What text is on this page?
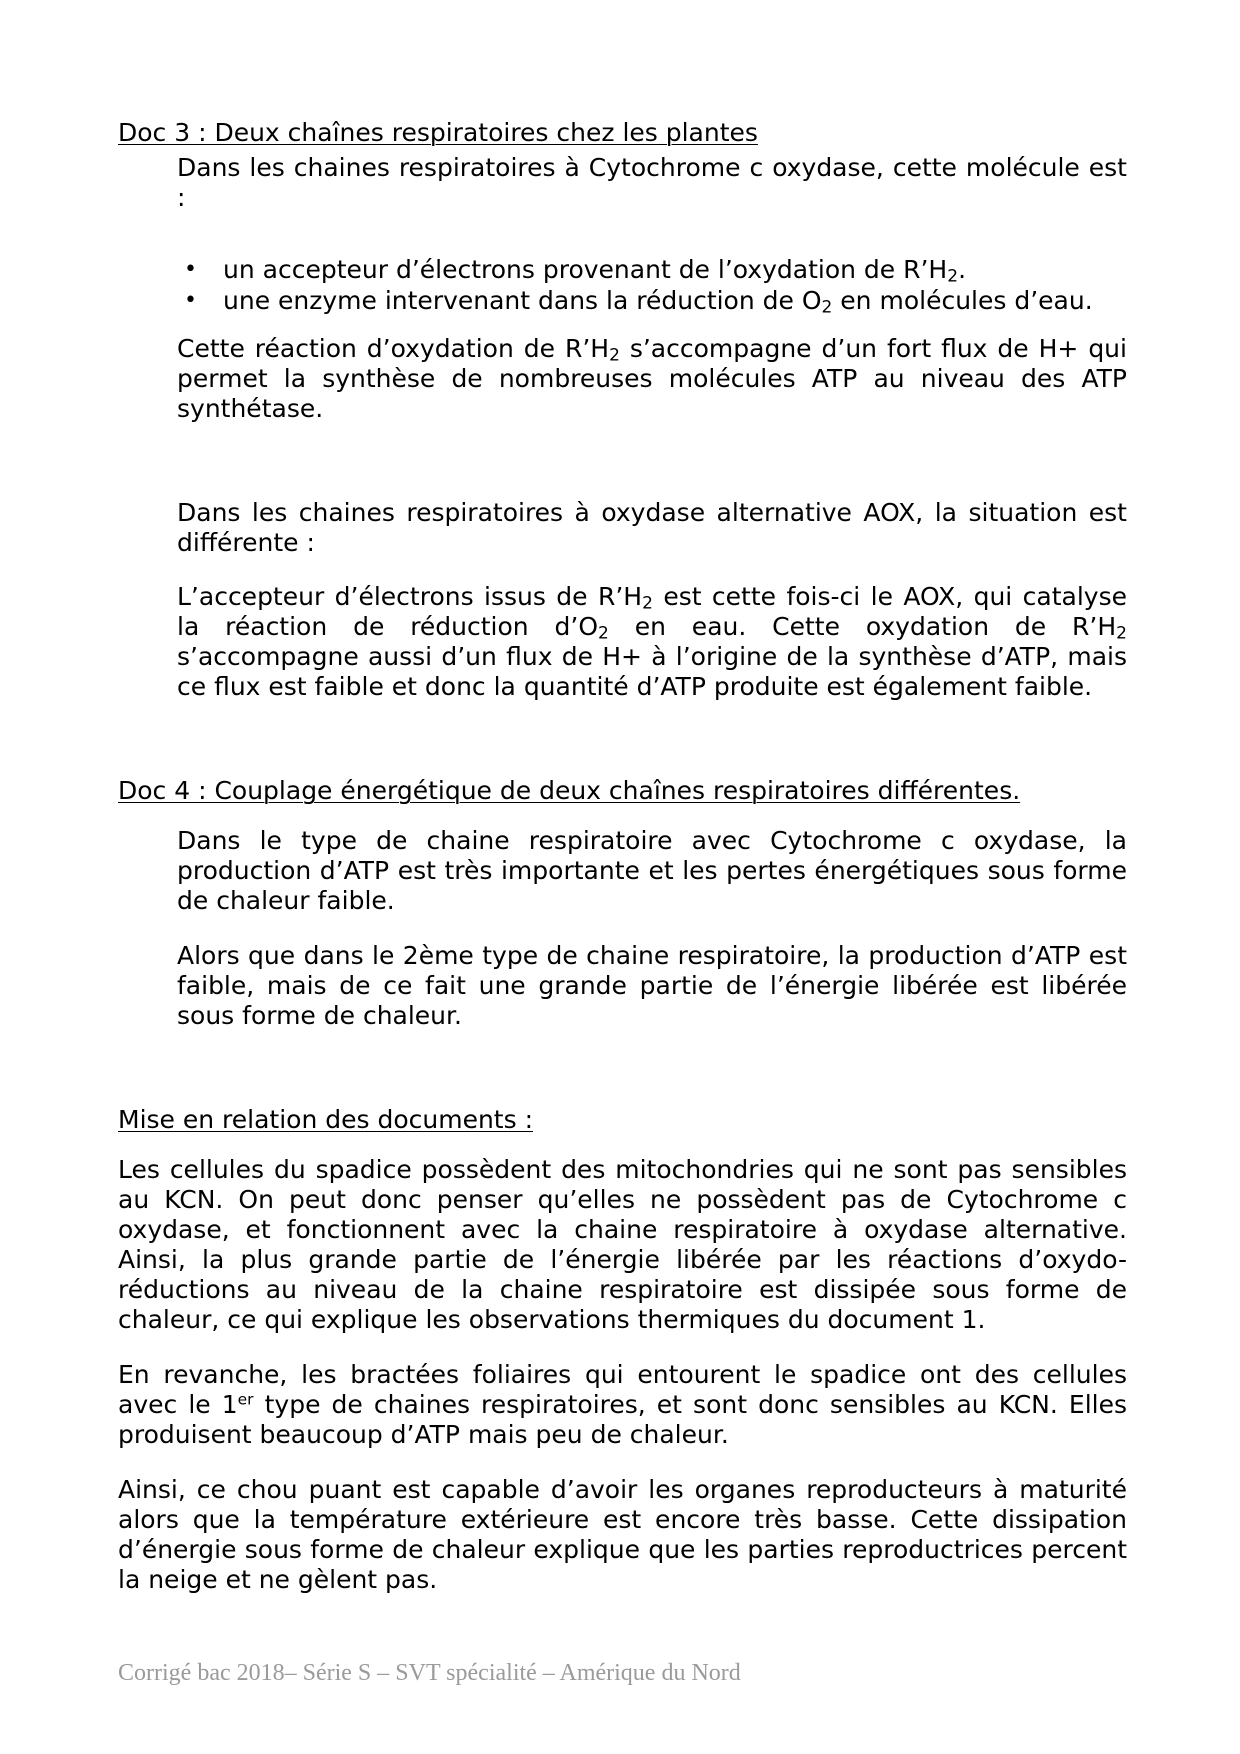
Doc 3 : Deux chaînes respiratoires chez les plantes

Dans les chaines respiratoires à Cytochrome c oxydase, cette molécule est :

• un accepteur d’électrons provenant de l’oxydation de $R’H_2$.
• une enzyme intervenant dans la réduction de $O_2$ en molécules d’eau.

Cette réaction d’oxydation de $R’H_2$ s’accompagne d’un fort flux de H+ qui permet la synthèse de nombreuses molécules ATP au niveau des ATP synthétase.

Dans les chaines respiratoires à oxydase alternative AOX, la situation est différente :

L’accepteur d’électrons issus de $R’H_2$ est cette fois-ci le AOX, qui catalyse la réaction de réduction $d’O_2$ en eau. Cette oxydation de $R’H_2$ s’accompagne aussi d’un flux de H+ à l’origine de la synthèse d’ATP, mais ce flux est faible et donc la quantité d’ATP produite est également faible.

Doc 4 : Couplage énergétique de deux chaînes respiratoires différentes.

Dans le type de chaine respiratoire avec Cytochrome c oxydase, la production d’ATP est très importante et les pertes énergétiques sous forme de chaleur faible.

Alors que dans le 2ème type de chaine respiratoire, la production d’ATP est faible, mais de ce fait une grande partie de l’énergie libérée est libérée sous forme de chaleur.

Mise en relation des documents :

Les cellules du spadice possèdent des mitochondries qui ne sont pas sensibles au KCN. On peut donc penser qu’elles ne possèdent pas de Cytochrome c oxydase, et fonctionnent avec la chaine respiratoire à oxydase alternative. Ainsi, la plus grande partie de l’énergie libérée par les réactions d’oxydo-réductions au niveau de la chaine respiratoire est dissipée sous forme de chaleur, ce qui explique les observations thermiques du document 1.

En revanche, les bractées foliaires qui entourent le spadice ont des cellules avec le 1er type de chaines respiratoires, et sont donc sensibles au KCN. Elles produisent beaucoup d’ATP mais peu de chaleur.

Ainsi, ce chou puant est capable d’avoir les organes reproducteurs à maturité alors que la température extérieure est encore très basse. Cette dissipation d’énergie sous forme de chaleur explique que les parties reproductrices percent la neige et ne gèlent pas.

Corrigé bac 2018– Série S – SVT spécialité – Amérique du Nord
